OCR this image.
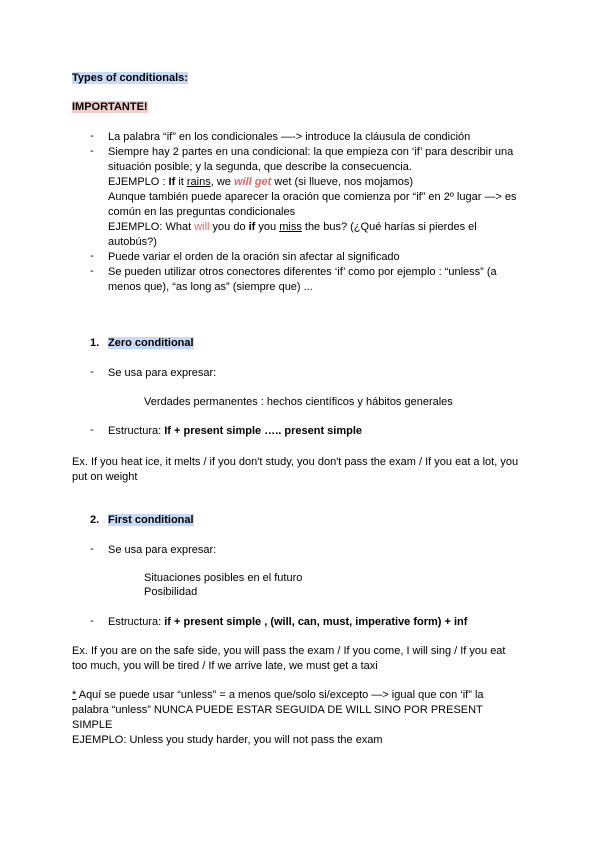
Types of conditionals:
IMPORTANTE!
- La palabra “if” en los condicionales —-> introduce la cláusula de condición
- Siempre hay 2 partes en una condicional: la que empieza con ‘if’ para describir una
situación posible; y la segunda, que describe la consecuencia.
EJEMPLO : If it rains, we will get wet (si llueve, nos mojamos)
Aunque también puede aparecer la oración que comienza por “if” en 2º lugar —> es
común en las preguntas condicionales
EJEMPLO: What will you do if you miss the bus? (¿Qué harías si pierdes el
autobús?)
- Puede variar el orden de la oración sin afectar al significado
- Se pueden utilizar otros conectores diferentes ‘if’ como por ejemplo : “unless” (a
menos que), “as long as” (siempre que) ...
1. Zero conditional
- Se usa para expresar:
Verdades permanentes : hechos científicos y hábitos generales
- Estructura: If + present simple ….. present simple
Ex. If you heat ice, it melts / if you don't study, you don't pass the exam / If you eat a lot, you
put on weight
2. First conditional
- Se usa para expresar:
Situaciones posibles en el futuro
Posibilidad
- Estructura: if + present simple , (will, can, must, imperative form) + inf
Ex. If you are on the safe side, you will pass the exam / If you come, I will sing / If you eat
too much, you will be tired / If we arrive late, we must get a taxi
* Aquí se puede usar “unless” = a menos que/solo si/excepto —> igual que con ‘if” la
palabra “unless” NUNCA PUEDE ESTAR SEGUIDA DE WILL SINO POR PRESENT
SIMPLE
EJEMPLO: Unless you study harder, you will not pass the exam
